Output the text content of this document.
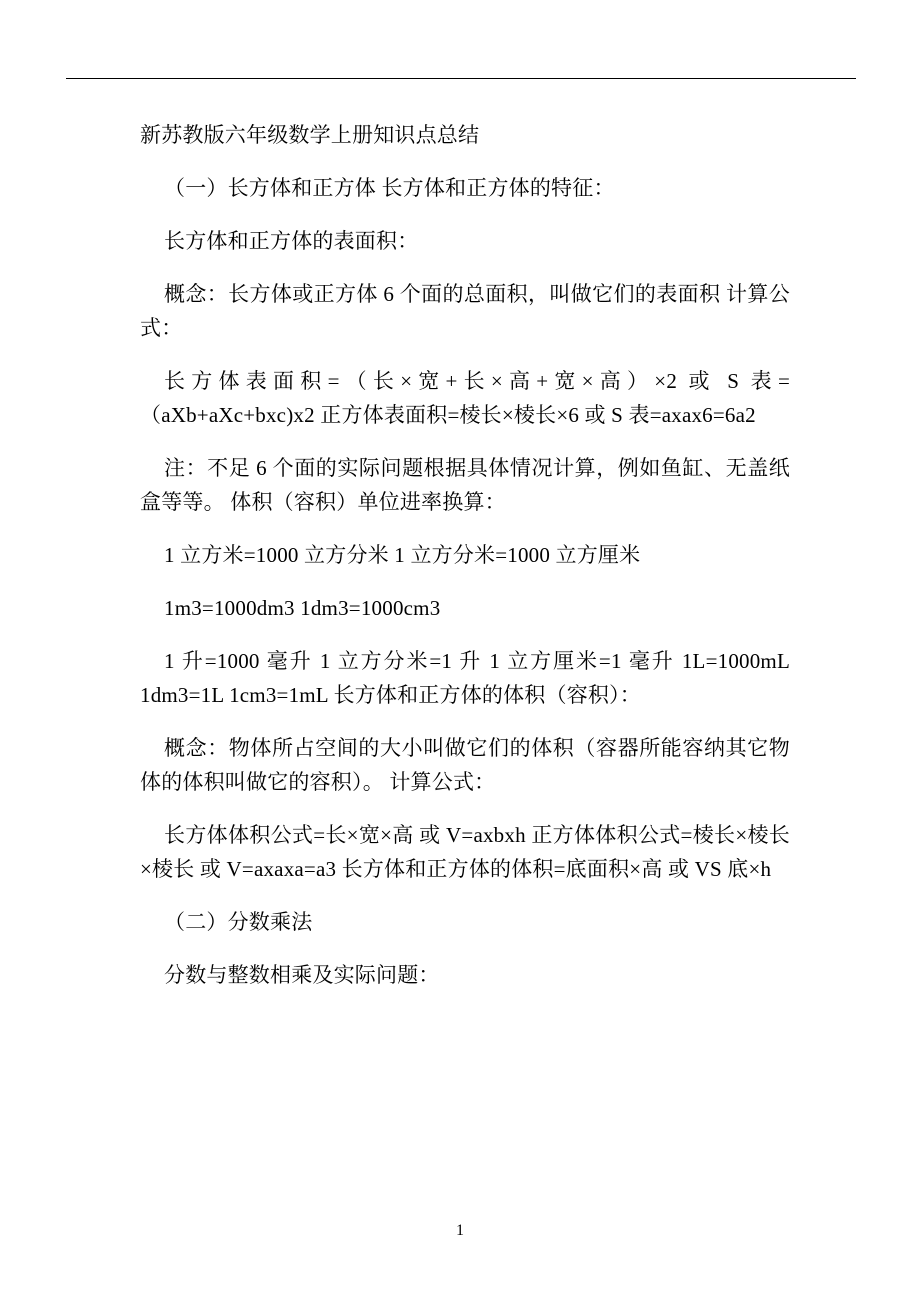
新苏教版六年级数学上册知识点总结

（一）长方体和正方体 长方体和正方体的特征：

长方体和正方体的表面积：

概念：长方体或正方体 6 个面的总面积，叫做它们的表面积 计算公式：

长方体表面积=（长×宽+长×高+宽×高）×2 或 S 表=（aXb+aXc+bxc)x2 正方体表面积=棱长×棱长×6 或 S 表=axax6=6a2

注：不足 6 个面的实际问题根据具体情况计算，例如鱼缸、无盖纸盒等等。 体积（容积）单位进率换算：

1 立方米=1000 立方分米 1 立方分米=1000 立方厘米

1m3=1000dm3 1dm3=1000cm3

1 升=1000 毫升 1 立方分米=1 升 1 立方厘米=1 毫升 1L=1000mL 1dm3=1L 1cm3=1mL 长方体和正方体的体积（容积）：

概念：物体所占空间的大小叫做它们的体积（容器所能容纳其它物体的体积叫做它的容积）。 计算公式：

长方体体积公式=长×宽×高 或 V=axbxh 正方体体积公式=棱长×棱长×棱长 或 V=axaxa=a3 长方体和正方体的体积=底面积×高 或 VS 底×h

（二）分数乘法

分数与整数相乘及实际问题：

1
